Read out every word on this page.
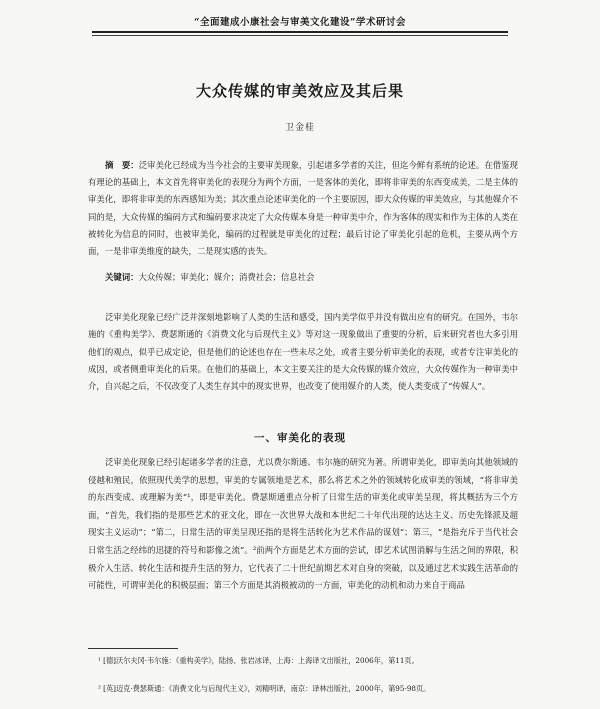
“全面建成小康社会与审美文化建设”学术研讨会
大众传媒的审美效应及其后果
卫金桂
摘　要：泛审美化已经成为当今社会的主要审美现象，引起诸多学者的关注，但迄今鲜有系统的论述。在借鉴现有理论的基础上，本文首先将审美化的表现分为两个方面，一是客体的美化，即将非审美的东西变成美，二是主体的审美化，即将非审美的东西感知为美；其次重点论述审美化的一个主要原因，即大众传媒的审美效应，与其他媒介不同的是，大众传媒的编码方式和编码要求决定了大众传媒本身是一种审美中介，作为客体的现实和作为主体的人类在被转化为信息的同时，也被审美化，编码的过程就是审美化的过程；最后讨论了审美化引起的危机，主要从两个方面，一是非审美维度的缺失，二是现实感的丧失。
关键词：大众传媒；审美化；媒介；消费社会；信息社会
泛审美化现象已经广泛并深刻地影响了人类的生活和感受，国内美学似乎并没有做出应有的研究。在国外，韦尔施的《重构美学》、费瑟斯通的《消费文化与后现代主义》等对这一现象做出了重要的分析，后来研究者也大多引用他们的观点，似乎已成定论，但是他们的论述也存在一些未尽之处，或者主要分析审美化的表现，或者专注审美化的成因，或者侧重审美化的后果。在他们的基础上，本文主要关注的是大众传媒的媒介效应，大众传媒作为一种审美中介，自兴起之后，不仅改变了人类生存其中的现实世界，也改变了使用媒介的人类，使人类变成了“传媒人”。
一、审美化的表现
泛审美化现象已经引起诸多学者的注意，尤以费尔斯通、韦尔施的研究为著。所谓审美化，即审美向其他领域的侵越和殖民，依照现代美学的思想，审美的专属领地是艺术，那么将艺术之外的领域转化成审美的领域，“将非审美的东西变成、或理解为美”¹，即是审美化。费瑟斯通重点分析了日常生活的审美化或审美呈现，将其概括为三个方面，“首先，我们指的是那些艺术的亚文化，即在一次世界大战和本世纪二十年代出现的达达主义、历史先锋派及超现实主义运动”；“第二，日常生活的审美呈现还指的是将生活转化为艺术作品的谋划”；第三，“是指充斥于当代社会日常生活之经纬的迅捷的符号和影像之流”。²前两个方面是艺术方面的尝试，即艺术试图消解与生活之间的界限，积极介入生活、转化生活和提升生活的努力，它代表了二十世纪前期艺术对自身的突破，以及通过艺术实践生活革命的可能性，可谓审美化的积极层面；第三个方面是其消极被动的一方面，审美化的动机和动力来自于商品
¹ [德]沃尔夫冈·韦尔施：《重构美学》，陆扬、张岩冰译，上海：上海译文出版社，2006年，第11页。
² [英]迈克·费瑟斯通：《消费文化与后现代主义》，刘精明译，南京：译林出版社，2000年，第95-98页。
